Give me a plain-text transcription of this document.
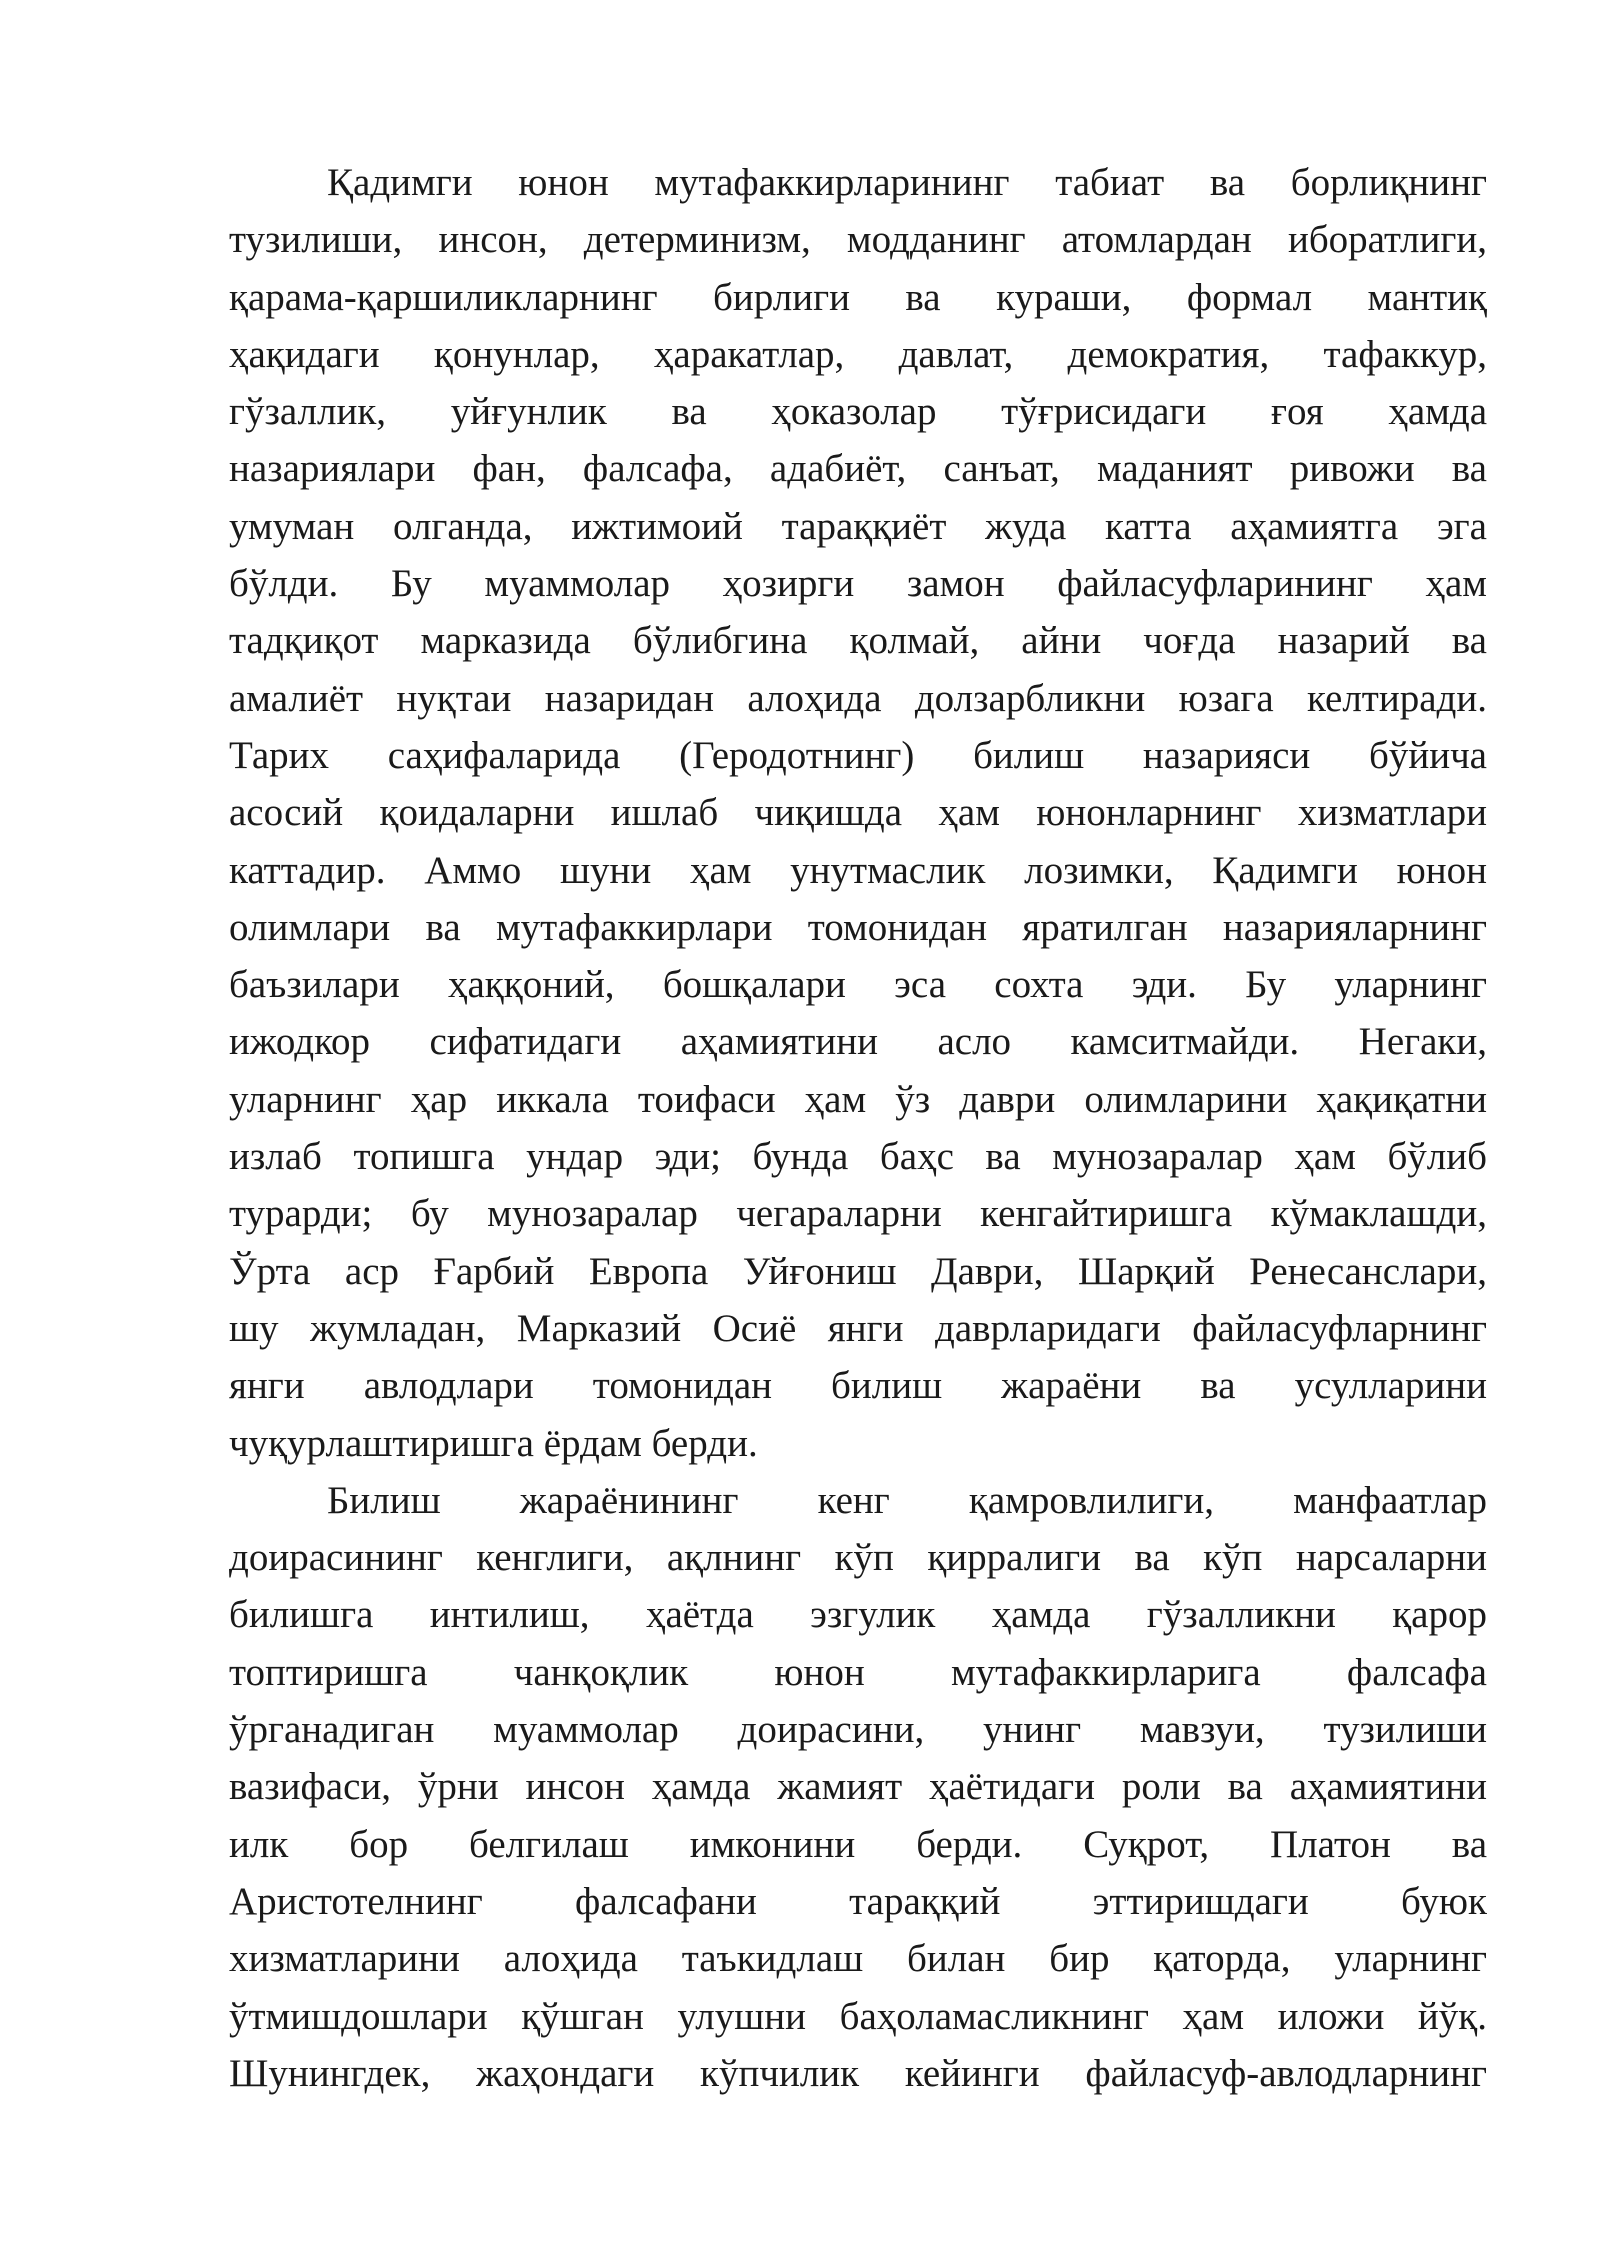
Қадимги юнон мутафаккирларининг табиат ва борлиқнинг
тузилиши, инсон, детерминизм, модданинг атомлардан иборатлиги,
қарама-қаршиликларнинг бирлиги ва кураши, формал мантиқ
ҳақидаги қонунлар, ҳаракатлар, давлат, демократия, тафаккур,
гўзаллик, уйғунлик ва ҳоказолар тўғрисидаги ғоя ҳамда
назариялари фан, фалсафа, адабиёт, санъат, маданият ривожи ва
умуман олганда, ижтимоий тараққиёт жуда катта аҳамиятга эга
бўлди. Бу муаммолар ҳозирги замон файласуфларининг ҳам
тадқиқот марказида бўлибгина қолмай, айни чоғда назарий ва
амалиёт нуқтаи назаридан алоҳида долзарбликни юзага келтиради.
Тарих саҳифаларида (Геродотнинг) билиш назарияси бўйича
асосий қоидаларни ишлаб чиқишда ҳам юнонларнинг хизматлари
каттадир. Аммо шуни ҳам унутмаслик лозимки, Қадимги юнон
олимлари ва мутафаккирлари томонидан яратилган назарияларнинг
баъзилари ҳаққоний, бошқалари эса сохта эди. Бу уларнинг
ижодкор сифатидаги аҳамиятини асло камситмайди. Негаки,
уларнинг ҳар иккала тоифаси ҳам ўз даври олимларини ҳақиқатни
излаб топишга ундар эди; бунда баҳс ва мунозаралар ҳам бўлиб
турарди; бу мунозаралар чегараларни кенгайтиришга кўмаклашди,
Ўрта аср Ғарбий Европа Уйғониш Даври, Шарқий Ренесанслари,
шу жумладан, Марказий Осиё янги даврларидаги файласуфларнинг
янги авлодлари томонидан билиш жараёни ва усулларини
чуқурлаштиришга ёрдам берди.
Билиш жараёнининг кенг қамровлилиги, манфаатлар
доирасининг кенглиги, ақлнинг кўп қирралиги ва кўп нарсаларни
билишга интилиш, ҳаётда эзгулик ҳамда гўзалликни қарор
топтиришга чанқоқлик юнон мутафаккирларига фалсафа
ўрганадиган муаммолар доирасини, унинг мавзуи, тузилиши
вазифаси, ўрни инсон ҳамда жамият ҳаётидаги роли ва аҳамиятини
илк бор белгилаш имконини берди. Суқрот, Платон ва
Аристотелнинг фалсафани тараққий эттиришдаги буюк
хизматларини алоҳида таъкидлаш билан бир қаторда, уларнинг
ўтмишдошлари қўшган улушни баҳоламасликнинг ҳам иложи йўқ.
Шунингдек, жаҳондаги кўпчилик кейинги файласуф-авлодларнинг
